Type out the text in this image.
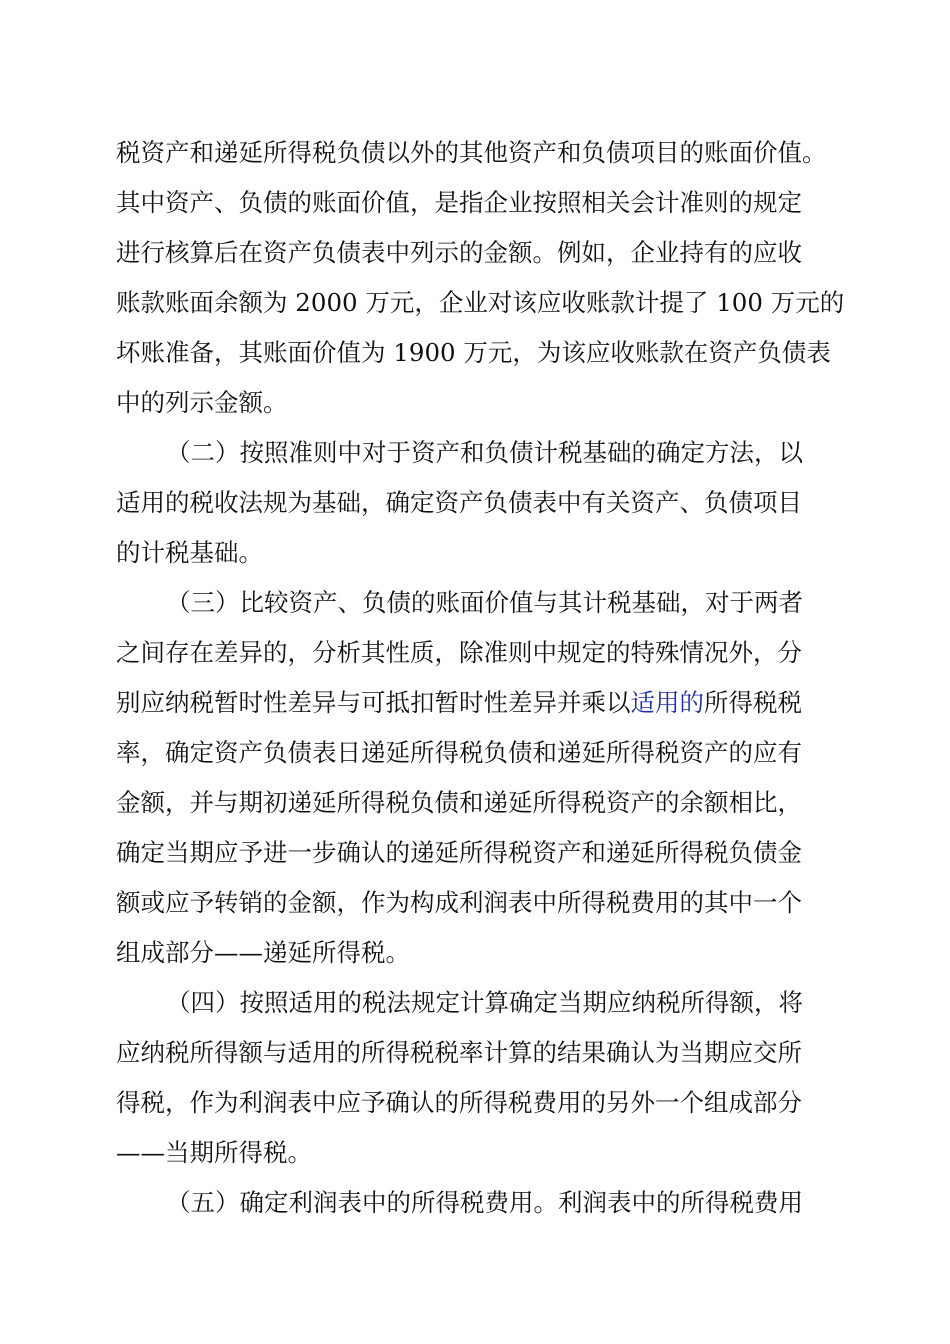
税资产和递延所得税负债以外的其他资产和负债项目的账面价值。
其中资产、负债的账面价值，是指企业按照相关会计准则的规定
进行核算后在资产负债表中列示的金额。例如，企业持有的应收
账款账面余额为 2000 万元，企业对该应收账款计提了 100 万元的
坏账准备，其账面价值为 1900 万元，为该应收账款在资产负债表
中的列示金额。
（二）按照准则中对于资产和负债计税基础的确定方法，以
适用的税收法规为基础，确定资产负债表中有关资产、负债项目
的计税基础。
（三）比较资产、负债的账面价值与其计税基础，对于两者
之间存在差异的，分析其性质，除准则中规定的特殊情况外，分
别应纳税暂时性差异与可抵扣暂时性差异并乘以适用的所得税税
率，确定资产负债表日递延所得税负债和递延所得税资产的应有
金额，并与期初递延所得税负债和递延所得税资产的余额相比，
确定当期应予进一步确认的递延所得税资产和递延所得税负债金
额或应予转销的金额，作为构成利润表中所得税费用的其中一个
组成部分——递延所得税。
（四）按照适用的税法规定计算确定当期应纳税所得额，将
应纳税所得额与适用的所得税税率计算的结果确认为当期应交所
得税，作为利润表中应予确认的所得税费用的另外一个组成部分
——当期所得税。
（五）确定利润表中的所得税费用。利润表中的所得税费用
